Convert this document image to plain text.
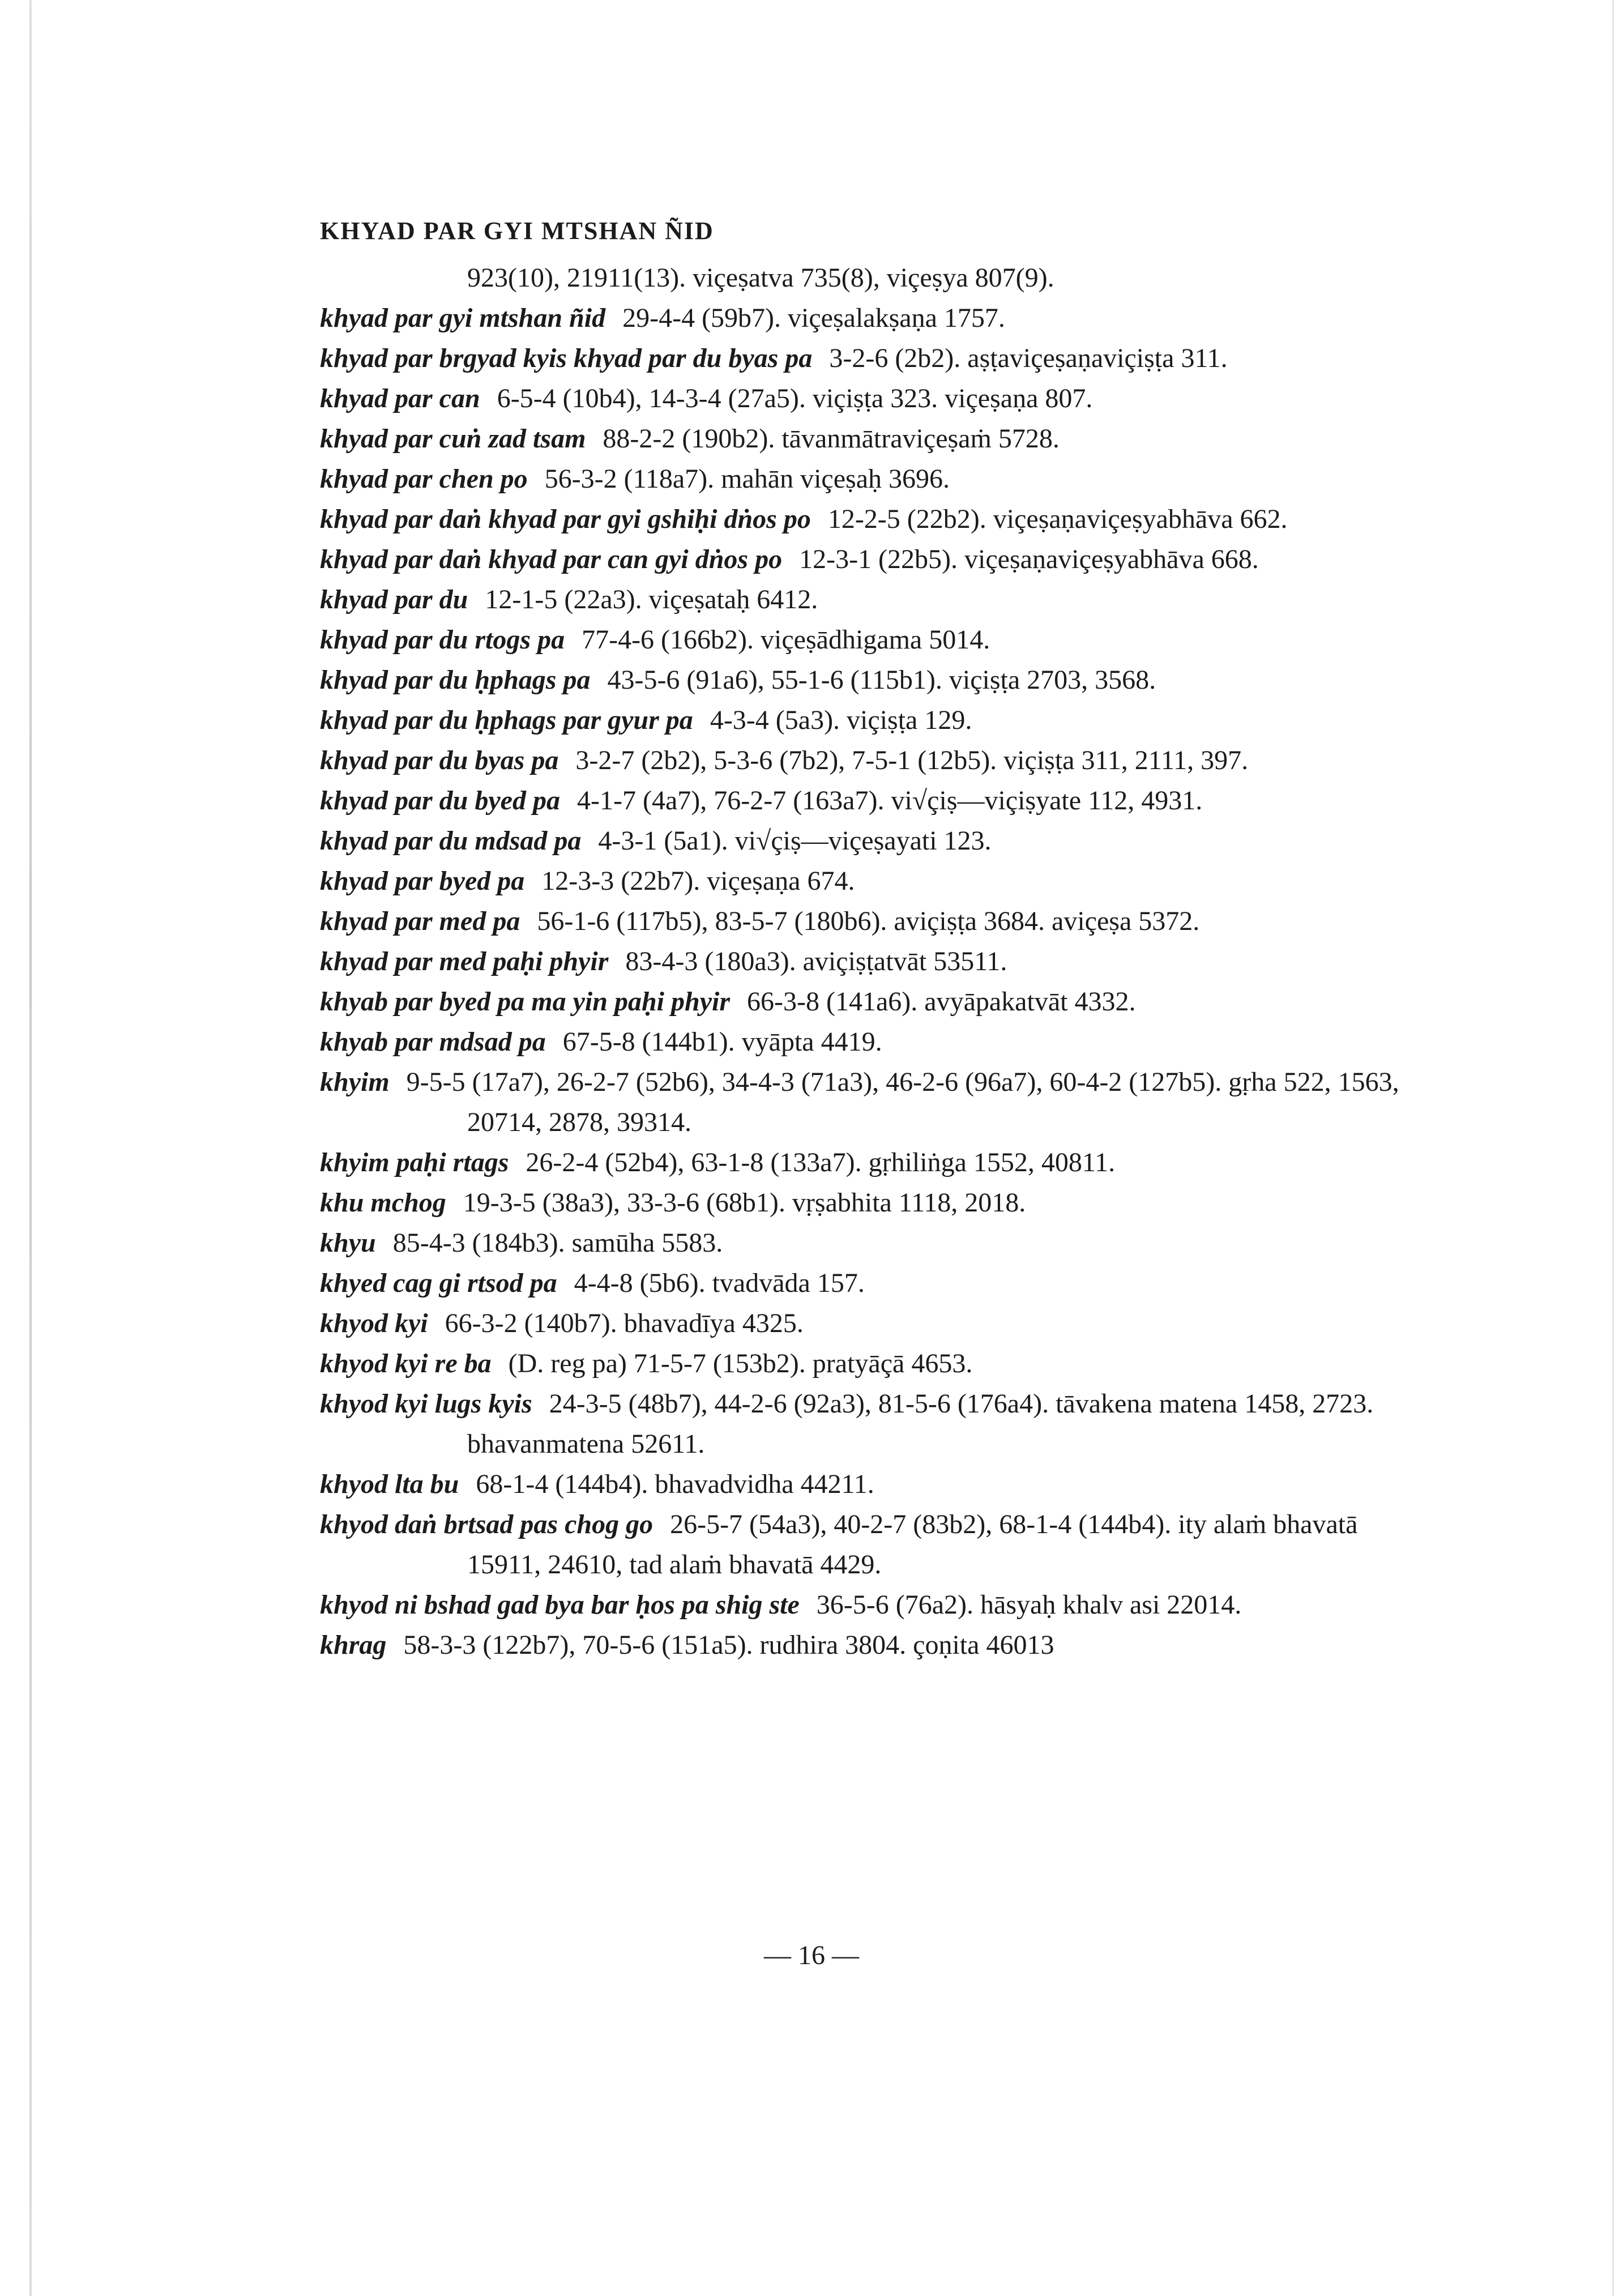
KHYAD PAR GYI MTSHAN ÑID

923(10), 21911(13). viçeṣatva 735(8), viçeṣya 807(9).

khyad par gyi mtshan ñid 29-4-4 (59b7). viçeṣalakṣaṇa 1757.

khyad par brgyad kyis khyad par du byas pa 3-2-6 (2b2). aṣṭaviçeṣaṇaviçiṣṭa 311.

khyad par can 6-5-4 (10b4), 14-3-4 (27a5). viçiṣṭa 323. viçeṣaṇa 807.

khyad par cuṅ zad tsam 88-2-2 (190b2). tāvanmātraviçeṣaṁ 5728.

khyad par chen po 56-3-2 (118a7). mahān viçeṣaḥ 3696.

khyad par daṅ khyad par gyi gshiḥi dṅos po 12-2-5 (22b2). viçeṣaṇaviçeṣyabhāva 662.

khyad par daṅ khyad par can gyi dṅos po 12-3-1 (22b5). viçeṣaṇaviçeṣyabhāva 668.

khyad par du 12-1-5 (22a3). viçeṣataḥ 6412.

khyad par du rtogs pa 77-4-6 (166b2). viçeṣādhigama 5014.

khyad par du ḥphags pa 43-5-6 (91a6), 55-1-6 (115b1). viçiṣṭa 2703, 3568.

khyad par du ḥphags par gyur pa 4-3-4 (5a3). viçiṣṭa 129.

khyad par du byas pa 3-2-7 (2b2), 5-3-6 (7b2), 7-5-1 (12b5). viçiṣṭa 311, 2111, 397.

khyad par du byed pa 4-1-7 (4a7), 76-2-7 (163a7). vi√çiṣ—viçiṣyate 112, 4931.

khyad par du mdsad pa 4-3-1 (5a1). vi√çiṣ—viçeṣayati 123.

khyad par byed pa 12-3-3 (22b7). viçeṣaṇa 674.

khyad par med pa 56-1-6 (117b5), 83-5-7 (180b6). aviçiṣṭa 3684. aviçeṣa 5372.

khyad par med paḥi phyir 83-4-3 (180a3). aviçiṣṭatvāt 53511.

khyab par byed pa ma yin paḥi phyir 66-3-8 (141a6). avyāpakatvāt 4332.

khyab par mdsad pa 67-5-8 (144b1). vyāpta 4419.

khyim 9-5-5 (17a7), 26-2-7 (52b6), 34-4-3 (71a3), 46-2-6 (96a7), 60-4-2 (127b5). gṛha 522, 1563, 20714, 2878, 39314.

khyim paḥi rtags 26-2-4 (52b4), 63-1-8 (133a7). gṛhiliṅga 1552, 40811.

khu mchog 19-3-5 (38a3), 33-3-6 (68b1). vṛṣabhita 1118, 2018.

khyu 85-4-3 (184b3). samūha 5583.

khyed cag gi rtsod pa 4-4-8 (5b6). tvadvāda 157.

khyod kyi 66-3-2 (140b7). bhavadīya 4325.

khyod kyi re ba (D. reg pa) 71-5-7 (153b2). pratyāçā 4653.

khyod kyi lugs kyis 24-3-5 (48b7), 44-2-6 (92a3), 81-5-6 (176a4). tāvakena matena 1458, 2723. bhavanmatena 52611.

khyod lta bu 68-1-4 (144b4). bhavadvidha 44211.

khyod daṅ brtsad pas chog go 26-5-7 (54a3), 40-2-7 (83b2), 68-1-4 (144b4). ity alaṁ bhavatā 15911, 24610, tad alaṁ bhavatā 4429.

khyod ni bshad gad bya bar ḥos pa shig ste 36-5-6 (76a2). hāsyaḥ khalv asi 22014.

khrag 58-3-3 (122b7), 70-5-6 (151a5). rudhira 3804. çoṇita 46013

— 16 —
